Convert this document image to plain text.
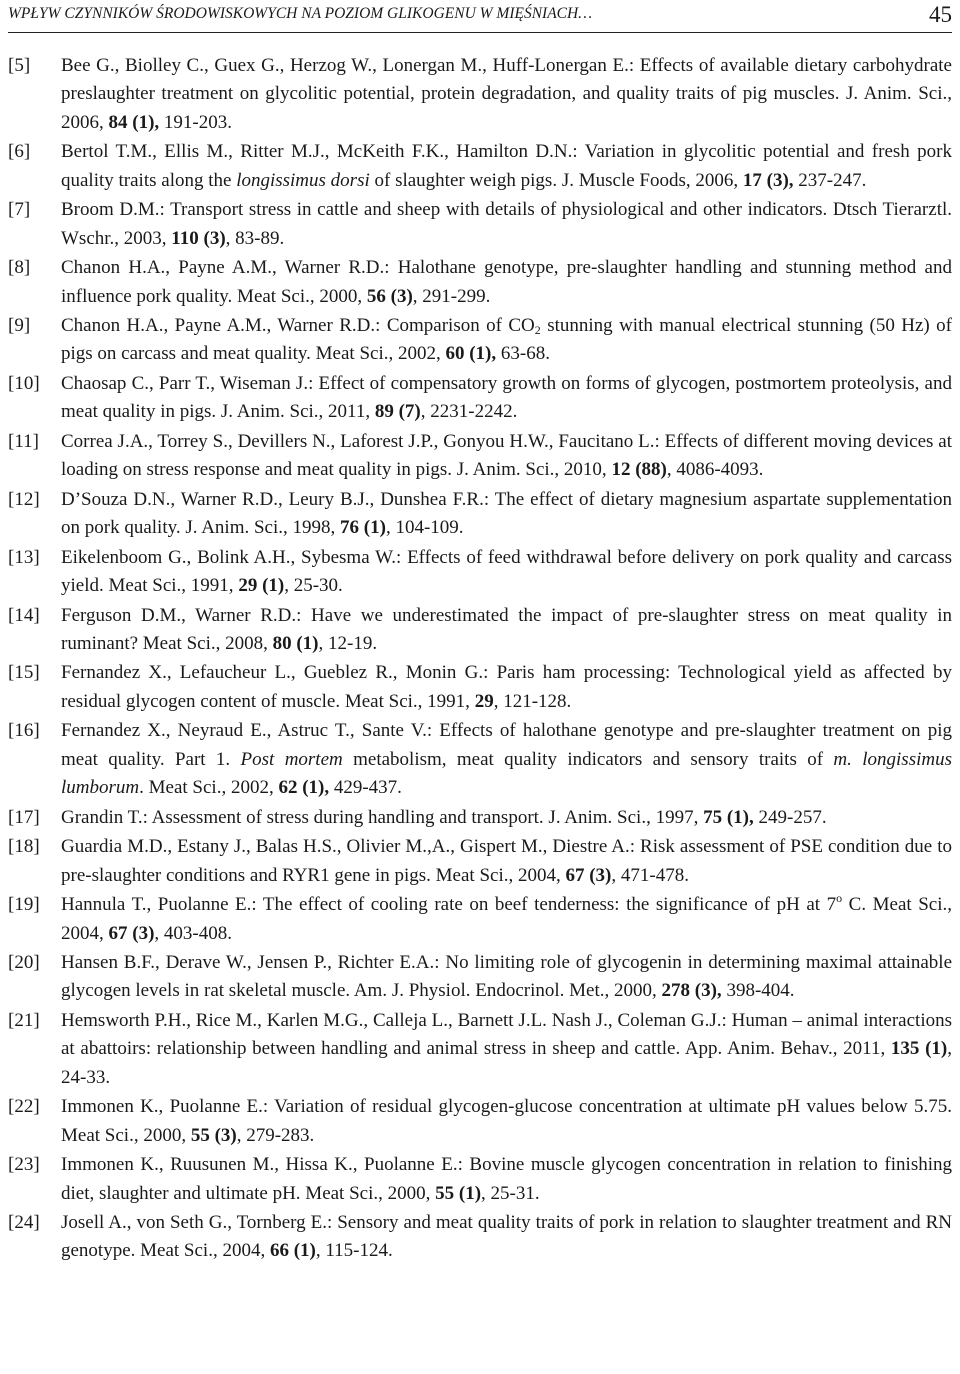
WPŁYW CZYNNIKÓW ŚRODOWISKOWYCH NA POZIOM GLIKOGENU W MIĘŚNIACH…	45
[5] Bee G., Biolley C., Guex G., Herzog W., Lonergan M., Huff-Lonergan E.: Effects of available dietary carbohydrate preslaughter treatment on glycolitic potential, protein degradation, and quality traits of pig muscles. J. Anim. Sci., 2006, 84 (1), 191-203.
[6] Bertol T.M., Ellis M., Ritter M.J., McKeith F.K., Hamilton D.N.: Variation in glycolitic potential and fresh pork quality traits along the longissimus dorsi of slaughter weigh pigs. J. Muscle Foods, 2006, 17 (3), 237-247.
[7] Broom D.M.: Transport stress in cattle and sheep with details of physiological and other indicators. Dtsch Tierarztl. Wschr., 2003, 110 (3), 83-89.
[8] Chanon H.A., Payne A.M., Warner R.D.: Halothane genotype, pre-slaughter handling and stunning method and influence pork quality. Meat Sci., 2000, 56 (3), 291-299.
[9] Chanon H.A., Payne A.M., Warner R.D.: Comparison of $CO_2$ stunning with manual electrical stunning (50 Hz) of pigs on carcass and meat quality. Meat Sci., 2002, 60 (1), 63-68.
[10] Chaosap C., Parr T., Wiseman J.: Effect of compensatory growth on forms of glycogen, postmortem proteolysis, and meat quality in pigs. J. Anim. Sci., 2011, 89 (7), 2231-2242.
[11] Correa J.A., Torrey S., Devillers N., Laforest J.P., Gonyou H.W., Faucitano L.: Effects of different moving devices at loading on stress response and meat quality in pigs. J. Anim. Sci., 2010, 12 (88), 4086-4093.
[12] D’Souza D.N., Warner R.D., Leury B.J., Dunshea F.R.: The effect of dietary magnesium aspartate supplementation on pork quality. J. Anim. Sci., 1998, 76 (1), 104-109.
[13] Eikelenboom G., Bolink A.H., Sybesma W.: Effects of feed withdrawal before delivery on pork quality and carcass yield. Meat Sci., 1991, 29 (1), 25-30.
[14] Ferguson D.M., Warner R.D.: Have we underestimated the impact of pre-slaughter stress on meat quality in ruminant? Meat Sci., 2008, 80 (1), 12-19.
[15] Fernandez X., Lefaucheur L., Gueblez R., Monin G.: Paris ham processing: Technological yield as affected by residual glycogen content of muscle. Meat Sci., 1991, 29, 121-128.
[16] Fernandez X., Neyraud E., Astruc T., Sante V.: Effects of halothane genotype and pre-slaughter treatment on pig meat quality. Part 1. Post mortem metabolism, meat quality indicators and sensory traits of m. longissimus lumborum. Meat Sci., 2002, 62 (1), 429-437.
[17] Grandin T.: Assessment of stress during handling and transport. J. Anim. Sci., 1997, 75 (1), 249-257.
[18] Guardia M.D., Estany J., Balas H.S., Olivier M.,A., Gispert M., Diestre A.: Risk assessment of PSE condition due to pre-slaughter conditions and RYR1 gene in pigs. Meat Sci., 2004, 67 (3), 471-478.
[19] Hannula T., Puolanne E.: The effect of cooling rate on beef tenderness: the significance of pH at 7$^o$ C. Meat Sci., 2004, 67 (3), 403-408.
[20] Hansen B.F., Derave W., Jensen P., Richter E.A.: No limiting role of glycogenin in determining maximal attainable glycogen levels in rat skeletal muscle. Am. J. Physiol. Endocrinol. Met., 2000, 278 (3), 398-404.
[21] Hemsworth P.H., Rice M., Karlen M.G., Calleja L., Barnett J.L. Nash J., Coleman G.J.: Human – animal interactions at abattoirs: relationship between handling and animal stress in sheep and cattle. App. Anim. Behav., 2011, 135 (1), 24-33.
[22] Immonen K., Puolanne E.: Variation of residual glycogen-glucose concentration at ultimate pH values below 5.75. Meat Sci., 2000, 55 (3), 279-283.
[23] Immonen K., Ruusunen M., Hissa K., Puolanne E.: Bovine muscle glycogen concentration in relation to finishing diet, slaughter and ultimate pH. Meat Sci., 2000, 55 (1), 25-31.
[24] Josell A., von Seth G., Tornberg E.: Sensory and meat quality traits of pork in relation to slaughter treatment and RN genotype. Meat Sci., 2004, 66 (1), 115-124.
